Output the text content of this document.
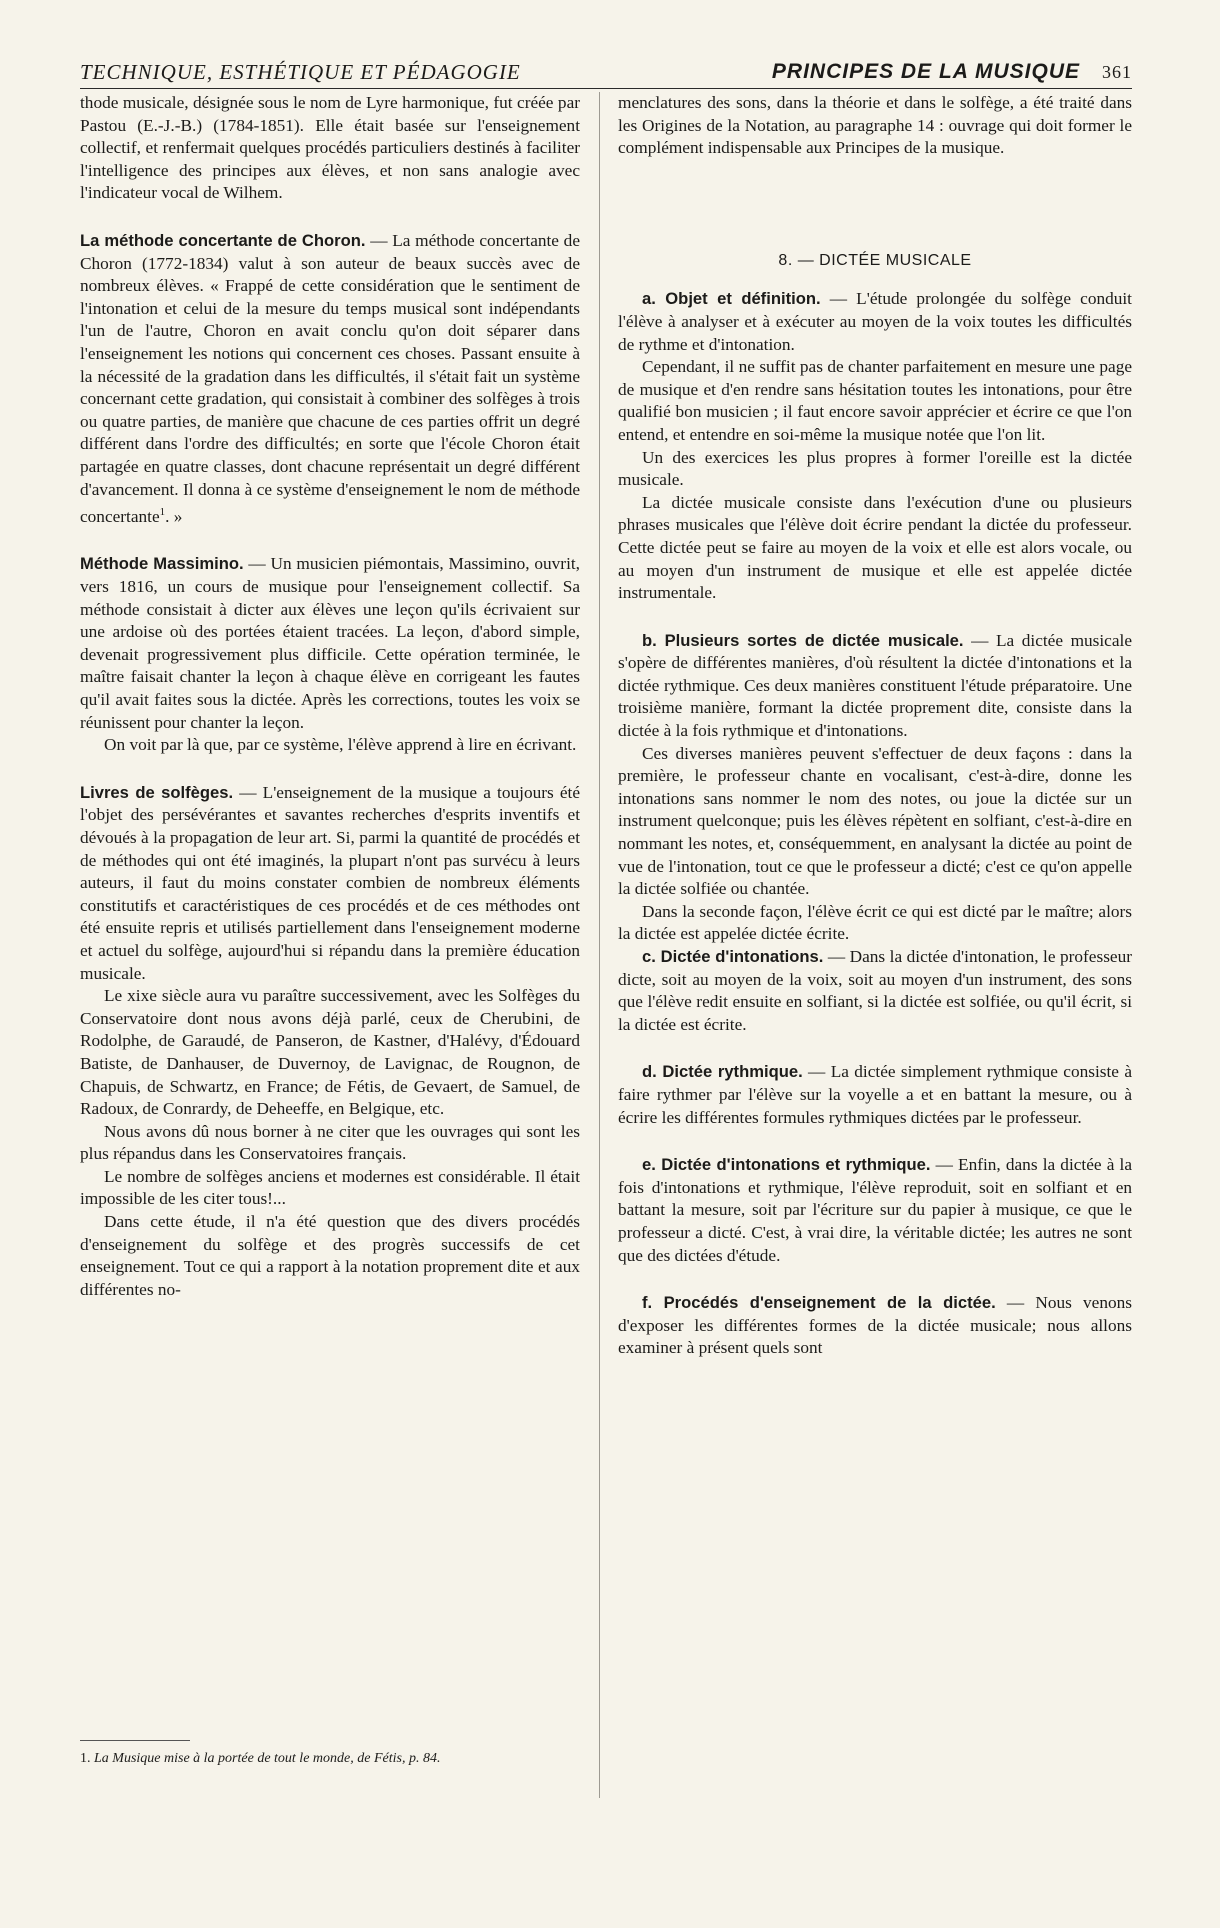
TECHNIQUE, ESTHÉTIQUE ET PÉDAGOGIE	PRINCIPES DE LA MUSIQUE 361

thode musicale, désignée sous le nom de Lyre harmonique, fut créée par Pastou (E.-J.-B.) (1784-1851). Elle était basée sur l'enseignement collectif, et renfermait quelques procédés particuliers destinés à faciliter l'intelligence des principes aux élèves, et non sans analogie avec l'indicateur vocal de Wilhem.

La méthode concertante de Choron. — La méthode concertante de Choron (1772-1834) valut à son auteur de beaux succès avec de nombreux élèves. « Frappé de cette considération que le sentiment de l'intonation et celui de la mesure du temps musical sont indépendants l'un de l'autre, Choron en avait conclu qu'on doit séparer dans l'enseignement les notions qui concernent ces choses. Passant ensuite à la nécessité de la gradation dans les difficultés, il s'était fait un système concernant cette gradation, qui consistait à combiner des solfèges à trois ou quatre parties, de manière que chacune de ces parties offrit un degré différent dans l'ordre des difficultés; en sorte que l'école Choron était partagée en quatre classes, dont chacune représentait un degré différent d'avancement. Il donna à ce système d'enseignement le nom de méthode concertante$^1$. »

Méthode Massimino. — Un musicien piémontais, Massimino, ouvrit, vers 1816, un cours de musique pour l'enseignement collectif. Sa méthode consistait à dicter aux élèves une leçon qu'ils écrivaient sur une ardoise où des portées étaient tracées. La leçon, d'abord simple, devenait progressivement plus difficile. Cette opération terminée, le maître faisait chanter la leçon à chaque élève en corrigeant les fautes qu'il avait faites sous la dictée. Après les corrections, toutes les voix se réunissent pour chanter la leçon.

On voit par là que, par ce système, l'élève apprend à lire en écrivant.

Livres de solfèges. — L'enseignement de la musique a toujours été l'objet des persévérantes et savantes recherches d'esprits inventifs et dévoués à la propagation de leur art. Si, parmi la quantité de procédés et de méthodes qui ont été imaginés, la plupart n'ont pas survécu à leurs auteurs, il faut du moins constater combien de nombreux éléments constitutifs et caractéristiques de ces procédés et de ces méthodes ont été ensuite repris et utilisés partiellement dans l'enseignement moderne et actuel du solfège, aujourd'hui si répandu dans la première éducation musicale.

Le xixe siècle aura vu paraître successivement, avec les Solfèges du Conservatoire dont nous avons déjà parlé, ceux de Cherubini, de Rodolphe, de Garaudé, de Panseron, de Kastner, d'Halévy, d'Édouard Batiste, de Danhauser, de Duvernoy, de Lavignac, de Rougnon, de Chapuis, de Schwartz, en France; de Fétis, de Gevaert, de Samuel, de Radoux, de Conrardy, de Deheeffe, en Belgique, etc.

Nous avons dû nous borner à ne citer que les ouvrages qui sont les plus répandus dans les Conservatoires français.

Le nombre de solfèges anciens et modernes est considérable. Il était impossible de les citer tous!...

Dans cette étude, il n'a été question que des divers procédés d'enseignement du solfège et des progrès successifs de cet enseignement. Tout ce qui a rapport à la notation proprement dite et aux différentes no-

1. La Musique mise à la portée de tout le monde, de Fétis, p. 84.

menclatures des sons, dans la théorie et dans le solfège, a été traité dans les Origines de la Notation, au paragraphe 14 : ouvrage qui doit former le complément indispensable aux Principes de la musique.

8. — DICTÉE MUSICALE

a. Objet et définition. — L'étude prolongée du solfège conduit l'élève à analyser et à exécuter au moyen de la voix toutes les difficultés de rythme et d'intonation.

Cependant, il ne suffit pas de chanter parfaitement en mesure une page de musique et d'en rendre sans hésitation toutes les intonations, pour être qualifié bon musicien ; il faut encore savoir apprécier et écrire ce que l'on entend, et entendre en soi-même la musique notée que l'on lit.

Un des exercices les plus propres à former l'oreille est la dictée musicale.

La dictée musicale consiste dans l'exécution d'une ou plusieurs phrases musicales que l'élève doit écrire pendant la dictée du professeur. Cette dictée peut se faire au moyen de la voix et elle est alors vocale, ou au moyen d'un instrument de musique et elle est appelée dictée instrumentale.

b. Plusieurs sortes de dictée musicale. — La dictée musicale s'opère de différentes manières, d'où résultent la dictée d'intonations et la dictée rythmique. Ces deux manières constituent l'étude préparatoire. Une troisième manière, formant la dictée proprement dite, consiste dans la dictée à la fois rythmique et d'intonations.

Ces diverses manières peuvent s'effectuer de deux façons : dans la première, le professeur chante en vocalisant, c'est-à-dire, donne les intonations sans nommer le nom des notes, ou joue la dictée sur un instrument quelconque; puis les élèves répètent en solfiant, c'est-à-dire en nommant les notes, et, conséquemment, en analysant la dictée au point de vue de l'intonation, tout ce que le professeur a dicté; c'est ce qu'on appelle la dictée solfiée ou chantée.

Dans la seconde façon, l'élève écrit ce qui est dicté par le maître; alors la dictée est appelée dictée écrite.

c. Dictée d'intonations. — Dans la dictée d'intonation, le professeur dicte, soit au moyen de la voix, soit au moyen d'un instrument, des sons que l'élève redit ensuite en solfiant, si la dictée est solfiée, ou qu'il écrit, si la dictée est écrite.

d. Dictée rythmique. — La dictée simplement rythmique consiste à faire rythmer par l'élève sur la voyelle a et en battant la mesure, ou à écrire les différentes formules rythmiques dictées par le professeur.

e. Dictée d'intonations et rythmique. — Enfin, dans la dictée à la fois d'intonations et rythmique, l'élève reproduit, soit en solfiant et en battant la mesure, soit par l'écriture sur du papier à musique, ce que le professeur a dicté. C'est, à vrai dire, la véritable dictée; les autres ne sont que des dictées d'étude.

f. Procédés d'enseignement de la dictée. — Nous venons d'exposer les différentes formes de la dictée musicale; nous allons examiner à présent quels sont
